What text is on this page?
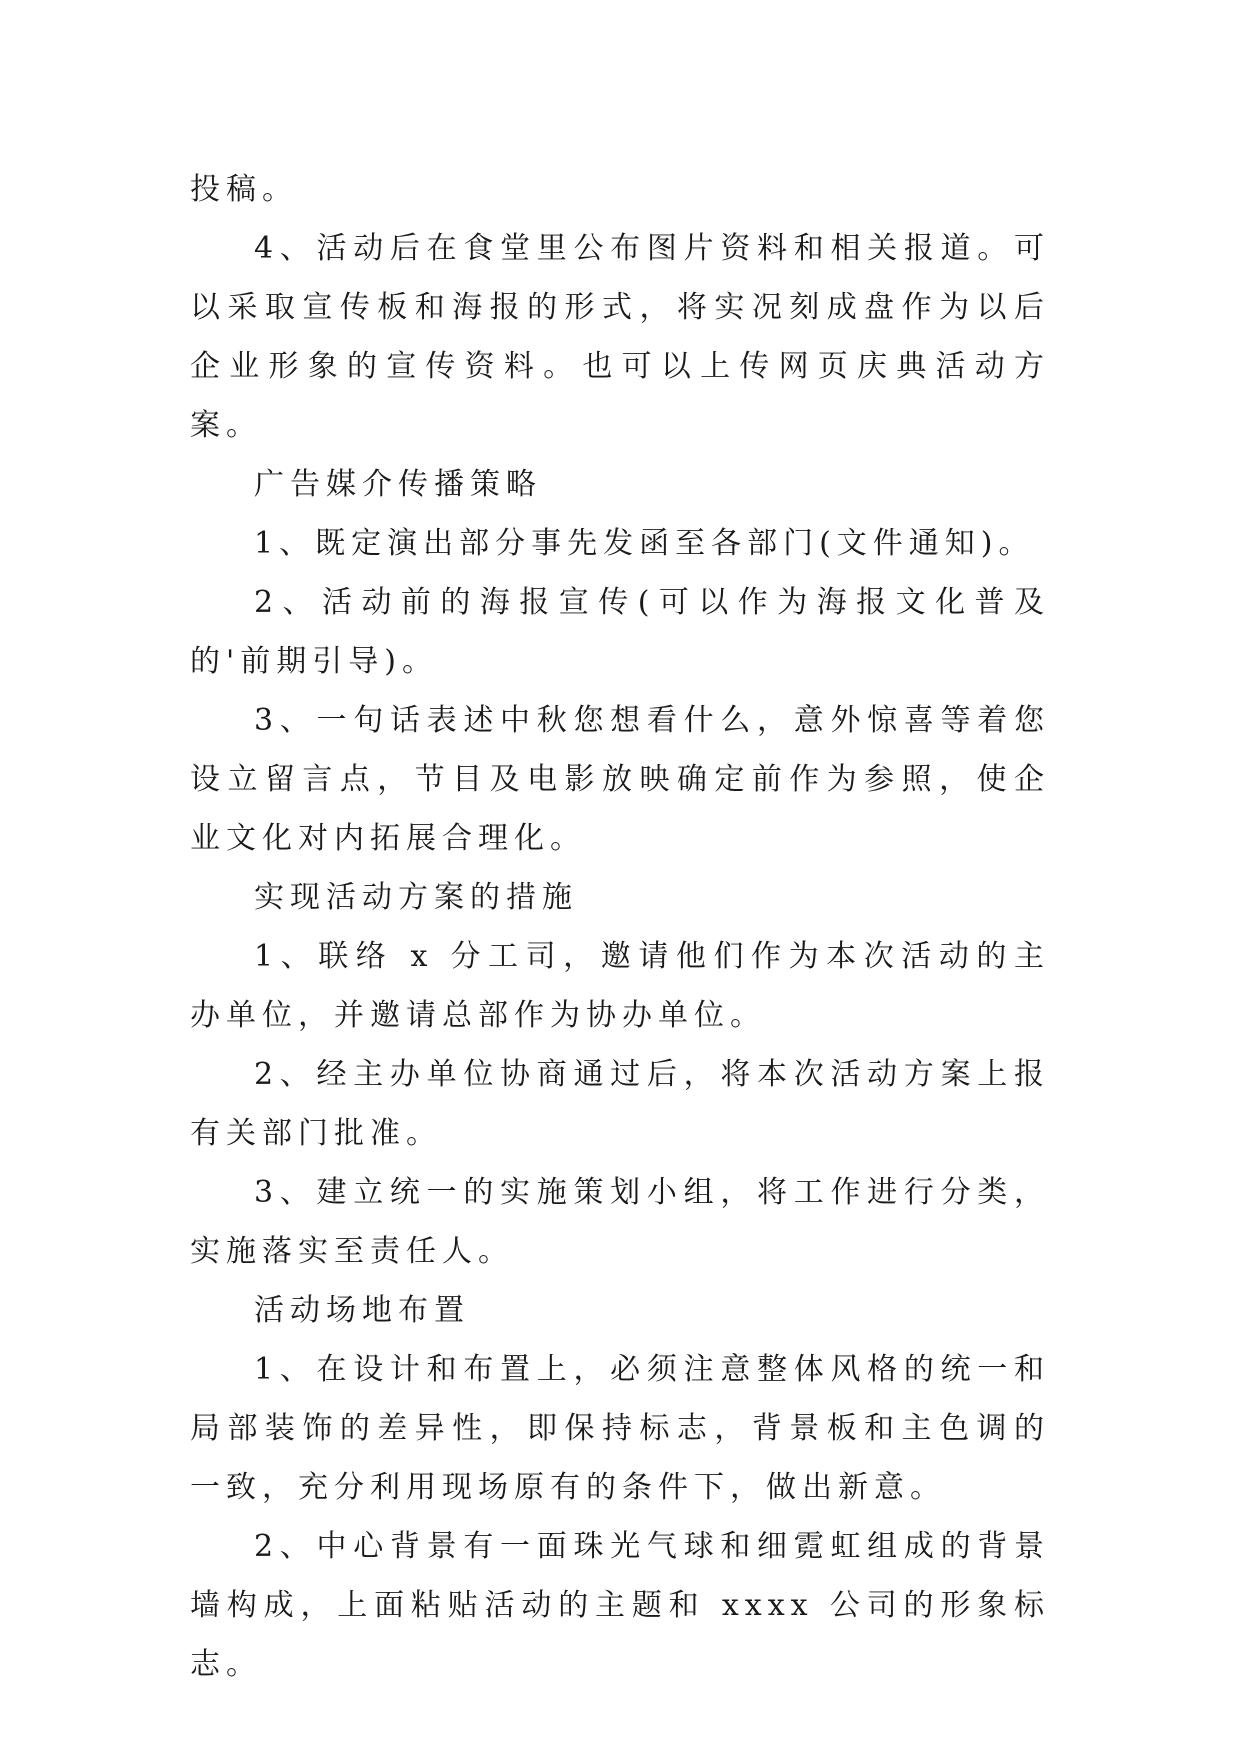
投稿。

4、活动后在食堂里公布图片资料和相关报道。可以采取宣传板和海报的形式，将实况刻成盘作为以后企业形象的宣传资料。也可以上传网页庆典活动方案。

广告媒介传播策略

1、既定演出部分事先发函至各部门(文件通知)。

2、活动前的海报宣传(可以作为海报文化普及的'前期引导)。

3、一句话表述中秋您想看什么，意外惊喜等着您设立留言点，节目及电影放映确定前作为参照，使企业文化对内拓展合理化。

实现活动方案的措施

1、联络 x 分工司，邀请他们作为本次活动的主办单位，并邀请总部作为协办单位。

2、经主办单位协商通过后，将本次活动方案上报有关部门批准。

3、建立统一的实施策划小组，将工作进行分类，实施落实至责任人。

活动场地布置

1、在设计和布置上，必须注意整体风格的统一和局部装饰的差异性，即保持标志，背景板和主色调的一致，充分利用现场原有的条件下，做出新意。

2、中心背景有一面珠光气球和细霓虹组成的背景墙构成，上面粘贴活动的主题和 xxxx 公司的形象标志。
